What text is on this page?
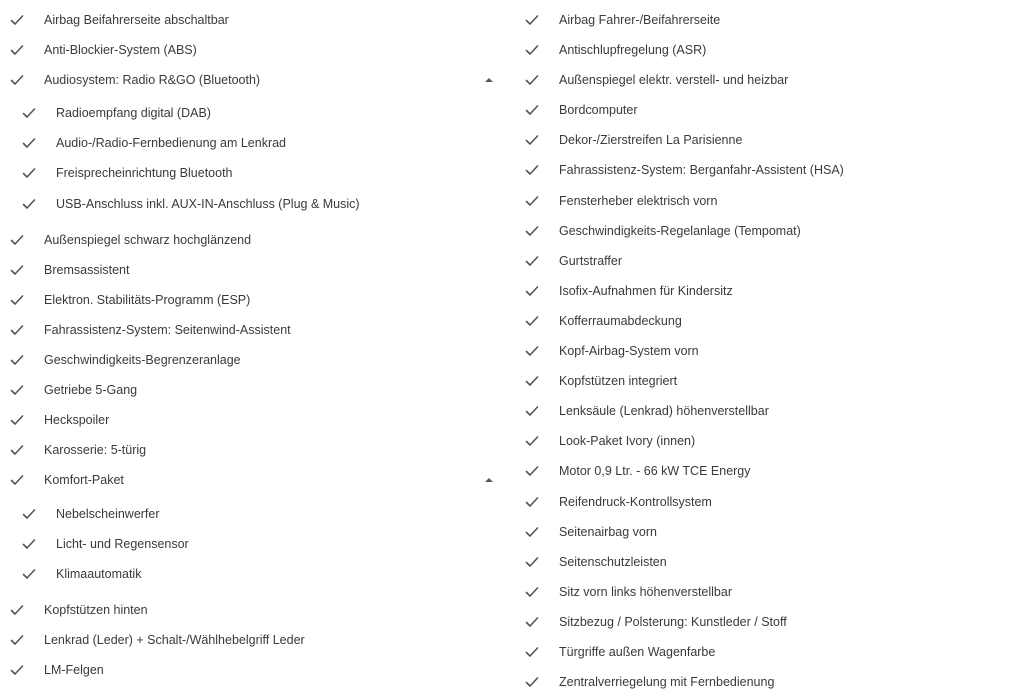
Airbag Beifahrerseite abschaltbar
Anti-Blockier-System (ABS)
Audiosystem: Radio R&GO (Bluetooth)
Radioempfang digital (DAB)
Audio-/Radio-Fernbedienung am Lenkrad
Freisprecheinrichtung Bluetooth
USB-Anschluss inkl. AUX-IN-Anschluss (Plug & Music)
Außenspiegel schwarz hochglänzend
Bremsassistent
Elektron. Stabilitäts-Programm (ESP)
Fahrassistenz-System: Seitenwind-Assistent
Geschwindigkeits-Begrenzeranlage
Getriebe 5-Gang
Heckspoiler
Karosserie: 5-türig
Komfort-Paket
Nebelscheinwerfer
Licht- und Regensensor
Klimaautomatik
Kopfstützen hinten
Lenkrad (Leder) + Schalt-/Wählhebelgriff Leder
LM-Felgen
Airbag Fahrer-/Beifahrerseite
Antischlupfregelung (ASR)
Außenspiegel elektr. verstell- und heizbar
Bordcomputer
Dekor-/Zierstreifen La Parisienne
Fahrassistenz-System: Berganfahr-Assistent (HSA)
Fensterheber elektrisch vorn
Geschwindigkeits-Regelanlage (Tempomat)
Gurtstraffer
Isofix-Aufnahmen für Kindersitz
Kofferraumabdeckung
Kopf-Airbag-System vorn
Kopfstützen integriert
Lenksäule (Lenkrad) höhenverstellbar
Look-Paket Ivory (innen)
Motor 0,9 Ltr. - 66 kW TCE Energy
Reifendruck-Kontrollsystem
Seitenairbag vorn
Seitenschutzleisten
Sitz vorn links höhenverstellbar
Sitzbezug / Polsterung: Kunstleder / Stoff
Türgriffe außen Wagenfarbe
Zentralverriegelung mit Fernbedienung
